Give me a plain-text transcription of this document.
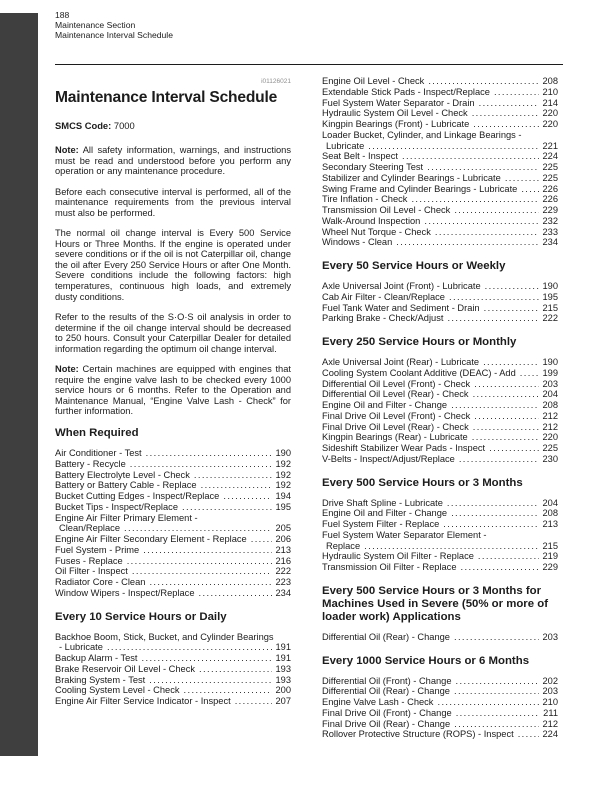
188
Maintenance Section
Maintenance Interval Schedule
i01126021
Maintenance Interval Schedule

SMCS Code: 7000

Note: All safety information, warnings, and instructions must be read and understood before you perform any operation or any maintenance procedure.

Before each consecutive interval is performed, all of the maintenance requirements from the previous interval must also be performed.

The normal oil change interval is Every 500 Service Hours or Three Months. If the engine is operated under severe conditions or if the oil is not Caterpillar oil, change the oil after Every 250 Service Hours or after One Month. Severe conditions include the following factors: high temperatures, continuous high loads, and extremely dusty conditions.

Refer to the results of the S·O·S oil analysis in order to determine if the oil change interval should be decreased to 250 hours. Consult your Caterpillar Dealer for detailed information regarding the optimum oil change interval.

Note: Certain machines are equipped with engines that require the engine valve lash to be checked every 1000 service hours or 6 months. Refer to the Operation and Maintenance Manual, “Engine Valve Lash - Check” for further information.

When Required
Air Conditioner - Test .....	190
Battery - Recycle .....	192
Battery Electrolyte Level - Check .....	192
Battery or Battery Cable - Replace .....	192
Bucket Cutting Edges - Inspect/Replace .....	194
Bucket Tips - Inspect/Replace .....	195
Engine Air Filter Primary Element -
Clean/Replace .....	205
Engine Air Filter Secondary Element - Replace .....	206
Fuel System - Prime .....	213
Fuses - Replace .....	216
Oil Filter - Inspect .....	222
Radiator Core - Clean .....	223
Window Wipers - Inspect/Replace .....	234
Every 10 Service Hours or Daily
Backhoe Boom, Stick, Bucket, and Cylinder Bearings
- Lubricate .....	191
Backup Alarm - Test .....	191
Brake Reservoir Oil Level - Check .....	193
Braking System - Test .....	193
Cooling System Level - Check .....	200
Engine Air Filter Service Indicator - Inspect .....	207
Engine Oil Level - Check .....	208
Extendable Stick Pads - Inspect/Replace .....	210
Fuel System Water Separator - Drain .....	214
Hydraulic System Oil Level - Check .....	220
Kingpin Bearings (Front) - Lubricate .....	220
Loader Bucket, Cylinder, and Linkage Bearings -
Lubricate .....	221
Seat Belt - Inspect .....	224
Secondary Steering Test .....	225
Stabilizer and Cylinder Bearings - Lubricate .....	225
Swing Frame and Cylinder Bearings - Lubricate .....	226
Tire Inflation - Check .....	226
Transmission Oil Level - Check .....	229
Walk-Around Inspection .....	232
Wheel Nut Torque - Check .....	233
Windows - Clean .....	234
Every 50 Service Hours or Weekly
Axle Universal Joint (Front) - Lubricate .....	190
Cab Air Filter - Clean/Replace .....	195
Fuel Tank Water and Sediment - Drain .....	215
Parking Brake - Check/Adjust .....	222
Every 250 Service Hours or Monthly
Axle Universal Joint (Rear) - Lubricate .....	190
Cooling System Coolant Additive (DEAC) - Add .....	199
Differential Oil Level (Front) - Check .....	203
Differential Oil Level (Rear) - Check .....	204
Engine Oil and Filter - Change .....	208
Final Drive Oil Level (Front) - Check .....	212
Final Drive Oil Level (Rear) - Check .....	212
Kingpin Bearings (Rear) - Lubricate .....	220
Sideshift Stabilizer Wear Pads - Inspect .....	225
V-Belts - Inspect/Adjust/Replace .....	230
Every 500 Service Hours or 3 Months
Drive Shaft Spline - Lubricate .....	204
Engine Oil and Filter - Change .....	208
Fuel System Filter - Replace .....	213
Fuel System Water Separator Element -
Replace .....	215
Hydraulic System Oil Filter - Replace .....	219
Transmission Oil Filter - Replace .....	229
Every 500 Service Hours or 3 Months for Machines Used in Severe (50% or more of loader work) Applications
Differential Oil (Rear) - Change .....	203
Every 1000 Service Hours or 6 Months
Differential Oil (Front) - Change .....	202
Differential Oil (Rear) - Change .....	203
Engine Valve Lash - Check .....	210
Final Drive Oil (Front) - Change .....	211
Final Drive Oil (Rear) - Change .....	212
Rollover Protective Structure (ROPS) - Inspect .....	224
